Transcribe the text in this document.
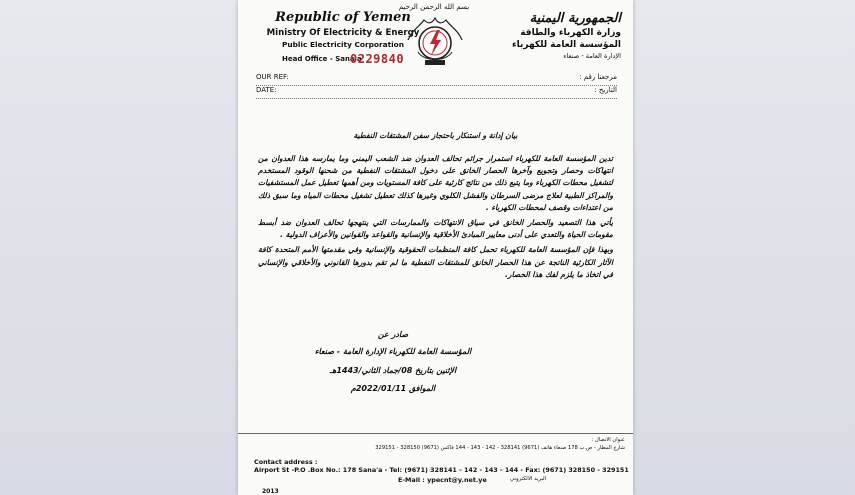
Republic of Yemen
Ministry Of Electricity & Energy
Public Electricity Corporation
Head Office - Sana'a
0229840
بسم الله الرحمن الرحيم
الجمهورية اليمنية
وزارة الكهرباء والطاقة
المؤسسة العامة للكهرباء
الإدارة العامة - صنعاء
OUR REF:	مرجعنا رقم :
DATE:	التاريخ :
بيان إدانة و استنكار باحتجاز سفن المشتقات النفطية

تدين المؤسسة العامة للكهرباء استمرار جرائم تحالف العدوان ضد الشعب اليمني وما يمارسه هذا العدوان من انتهاكات وحصار وتجويع وآخرها الحصار الخانق على دخول المشتقات النفطية من شحنها الوقود المستخدم لتشغيل محطات الكهرباء وما يتبع ذلك من نتائج كارثية على كافة المستويات ومن أهمها تعطيل عمل المستشفيات والمراكز الطبية لعلاج مرضى السرطان والفشل الكلوي وغيرها كذلك تعطيل تشغيل محطات المياه وما سبق ذلك من اعتداءات وقصف لمحطات الكهرباء .

يأتي هذا التصعيد والحصار الخانق في سياق الانتهاكات والممارسات التي ينتهجها تحالف العدوان ضد أبسط مقومات الحياة والتعدي على أدنى معايير المبادئ الأخلاقية والإنسانية والقواعد والقوانين والأعراف الدولية .

وبهذا فإن المؤسسة العامة للكهرباء تحمل كافة المنظمات الحقوقية والإنسانية وفي مقدمتها الأمم المتحدة كافة الآثار الكارثية الناتجة عن هذا الحصار الخانق للمشتقات النفطية ما لم تقم بدورها القانوني والأخلاقي والإنساني في اتخاذ ما يلزم لفك هذا الحصار.

صادر عن
المؤسسة العامة للكهرباء الإدارة العامة - صنعاء
الإثنين بتاريخ 08/جماد الثاني/1443هـ
الموافق 2022/01/11م
عنوان الاتصال :
شارع المطار - ص.ب 178 صنعاء هاتف (9671) 328141 - 142 - 143 - 144 فاكس (9671) 328150 - 329151
Contact address :
Airport St -P.O .Box No.: 178 Sana'a - Tel: (9671) 328141 - 142 - 143 - 144 - Fax: (9671) 328150 - 329151
E-Mail : ypecnt@y.net.ye	البريد الالكتروني
2013
